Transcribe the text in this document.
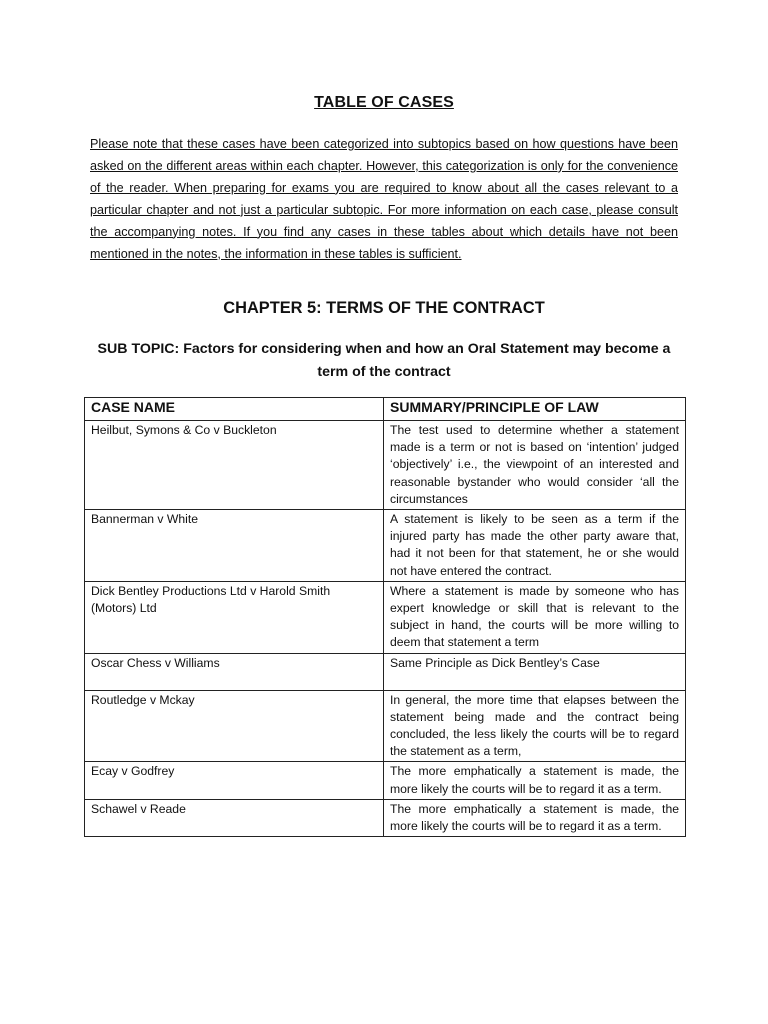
TABLE OF CASES
Please note that these cases have been categorized into subtopics based on how questions have been asked on the different areas within each chapter. However, this categorization is only for the convenience of the reader. When preparing for exams you are required to know about all the cases relevant to a particular chapter and not just a particular subtopic. For more information on each case, please consult the accompanying notes. If you find any cases in these tables about which details have not been mentioned in the notes, the information in these tables is sufficient.
CHAPTER 5: TERMS OF THE CONTRACT
SUB TOPIC: Factors for considering when and how an Oral Statement may become a term of the contract
CASE NAME	SUMMARY/PRINCIPLE OF LAW
Heilbut, Symons & Co v Buckleton	The test used to determine whether a statement made is a term or not is based on ‘intention’ judged ‘objectively’ i.e., the viewpoint of an interested and reasonable bystander who would consider ‘all the circumstances
Bannerman v White	A statement is likely to be seen as a term if the injured party has made the other party aware that, had it not been for that statement, he or she would not have entered the contract.
Dick Bentley Productions Ltd v Harold Smith (Motors) Ltd	Where a statement is made by someone who has expert knowledge or skill that is relevant to the subject in hand, the courts will be more willing to deem that statement a term
Oscar Chess v Williams	Same Principle as Dick Bentley’s Case
Routledge v Mckay	In general, the more time that elapses between the statement being made and the contract being concluded, the less likely the courts will be to regard the statement as a term,
Ecay v Godfrey	The more emphatically a statement is made, the more likely the courts will be to regard it as a term.
Schawel v Reade	The more emphatically a statement is made, the more likely the courts will be to regard it as a term.
